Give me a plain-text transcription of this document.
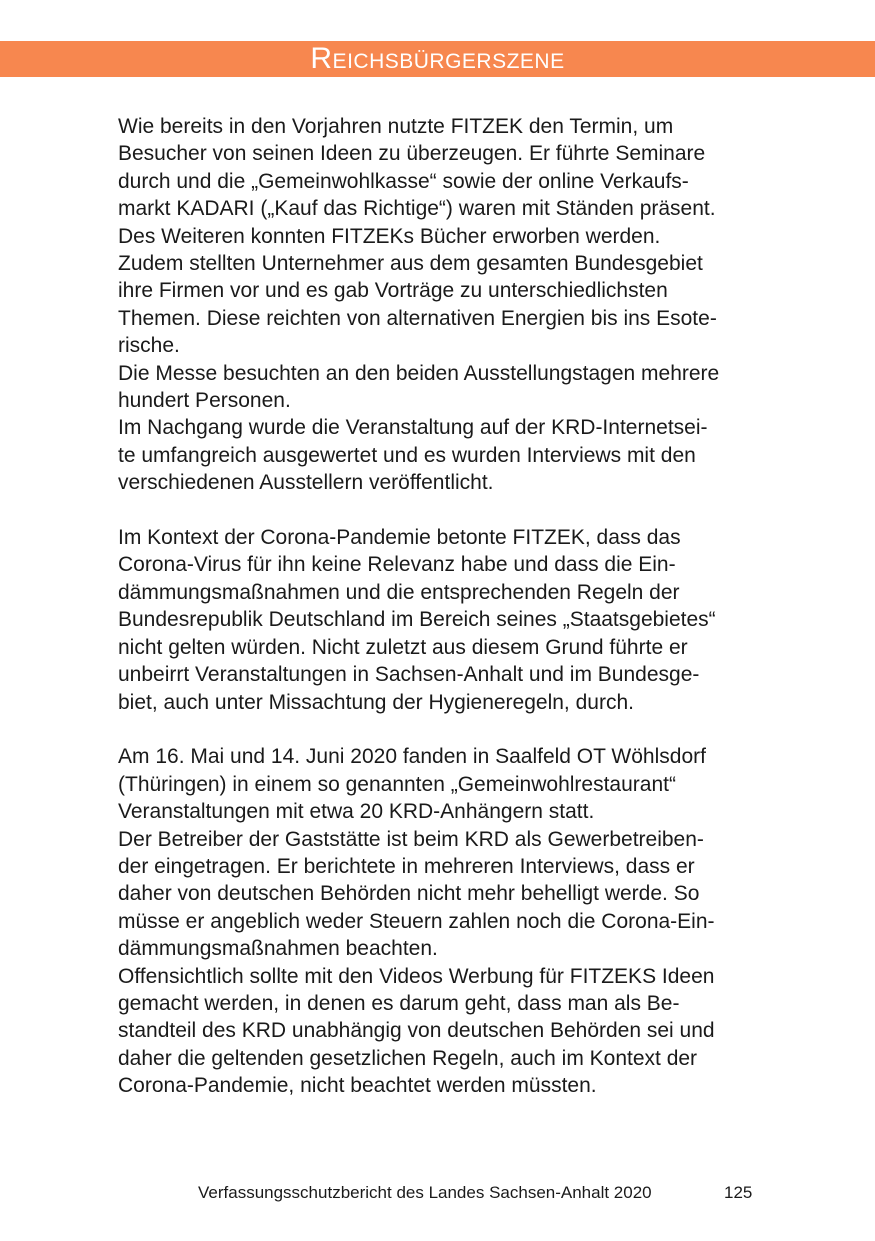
Reichsbürgerszene

Wie bereits in den Vorjahren nutzte FITZEK den Termin, um
Besucher von seinen Ideen zu überzeugen. Er führte Seminare
durch und die „Gemeinwohlkasse“ sowie der online Verkaufs-
markt KADARI („Kauf das Richtige“) waren mit Ständen präsent.
Des Weiteren konnten FITZEKs Bücher erworben werden.
Zudem stellten Unternehmer aus dem gesamten Bundesgebiet
ihre Firmen vor und es gab Vorträge zu unterschiedlichsten
Themen. Diese reichten von alternativen Energien bis ins Esote-
rische.
Die Messe besuchten an den beiden Ausstellungstagen mehrere
hundert Personen.
Im Nachgang wurde die Veranstaltung auf der KRD-Internetsei-
te umfangreich ausgewertet und es wurden Interviews mit den
verschiedenen Ausstellern veröffentlicht.

Im Kontext der Corona-Pandemie betonte FITZEK, dass das
Corona-Virus für ihn keine Relevanz habe und dass die Ein-
dämmungsmaßnahmen und die entsprechenden Regeln der
Bundesrepublik Deutschland im Bereich seines „Staatsgebietes“
nicht gelten würden. Nicht zuletzt aus diesem Grund führte er
unbeirrt Veranstaltungen in Sachsen-Anhalt und im Bundesge-
biet, auch unter Missachtung der Hygieneregeln, durch.

Am 16. Mai und 14. Juni 2020 fanden in Saalfeld OT Wöhlsdorf
(Thüringen) in einem so genannten „Gemeinwohlrestaurant“
Veranstaltungen mit etwa 20 KRD-Anhängern statt.
Der Betreiber der Gaststätte ist beim KRD als Gewerbetreiben-
der eingetragen. Er berichtete in mehreren Interviews, dass er
daher von deutschen Behörden nicht mehr behelligt werde. So
müsse er angeblich weder Steuern zahlen noch die Corona-Ein-
dämmungsmaßnahmen beachten.
Offensichtlich sollte mit den Videos Werbung für FITZEKS Ideen
gemacht werden, in denen es darum geht, dass man als Be-
standteil des KRD unabhängig von deutschen Behörden sei und
daher die geltenden gesetzlichen Regeln, auch im Kontext der
Corona-Pandemie, nicht beachtet werden müssten.

Verfassungsschutzbericht des Landes Sachsen-Anhalt 2020	125
